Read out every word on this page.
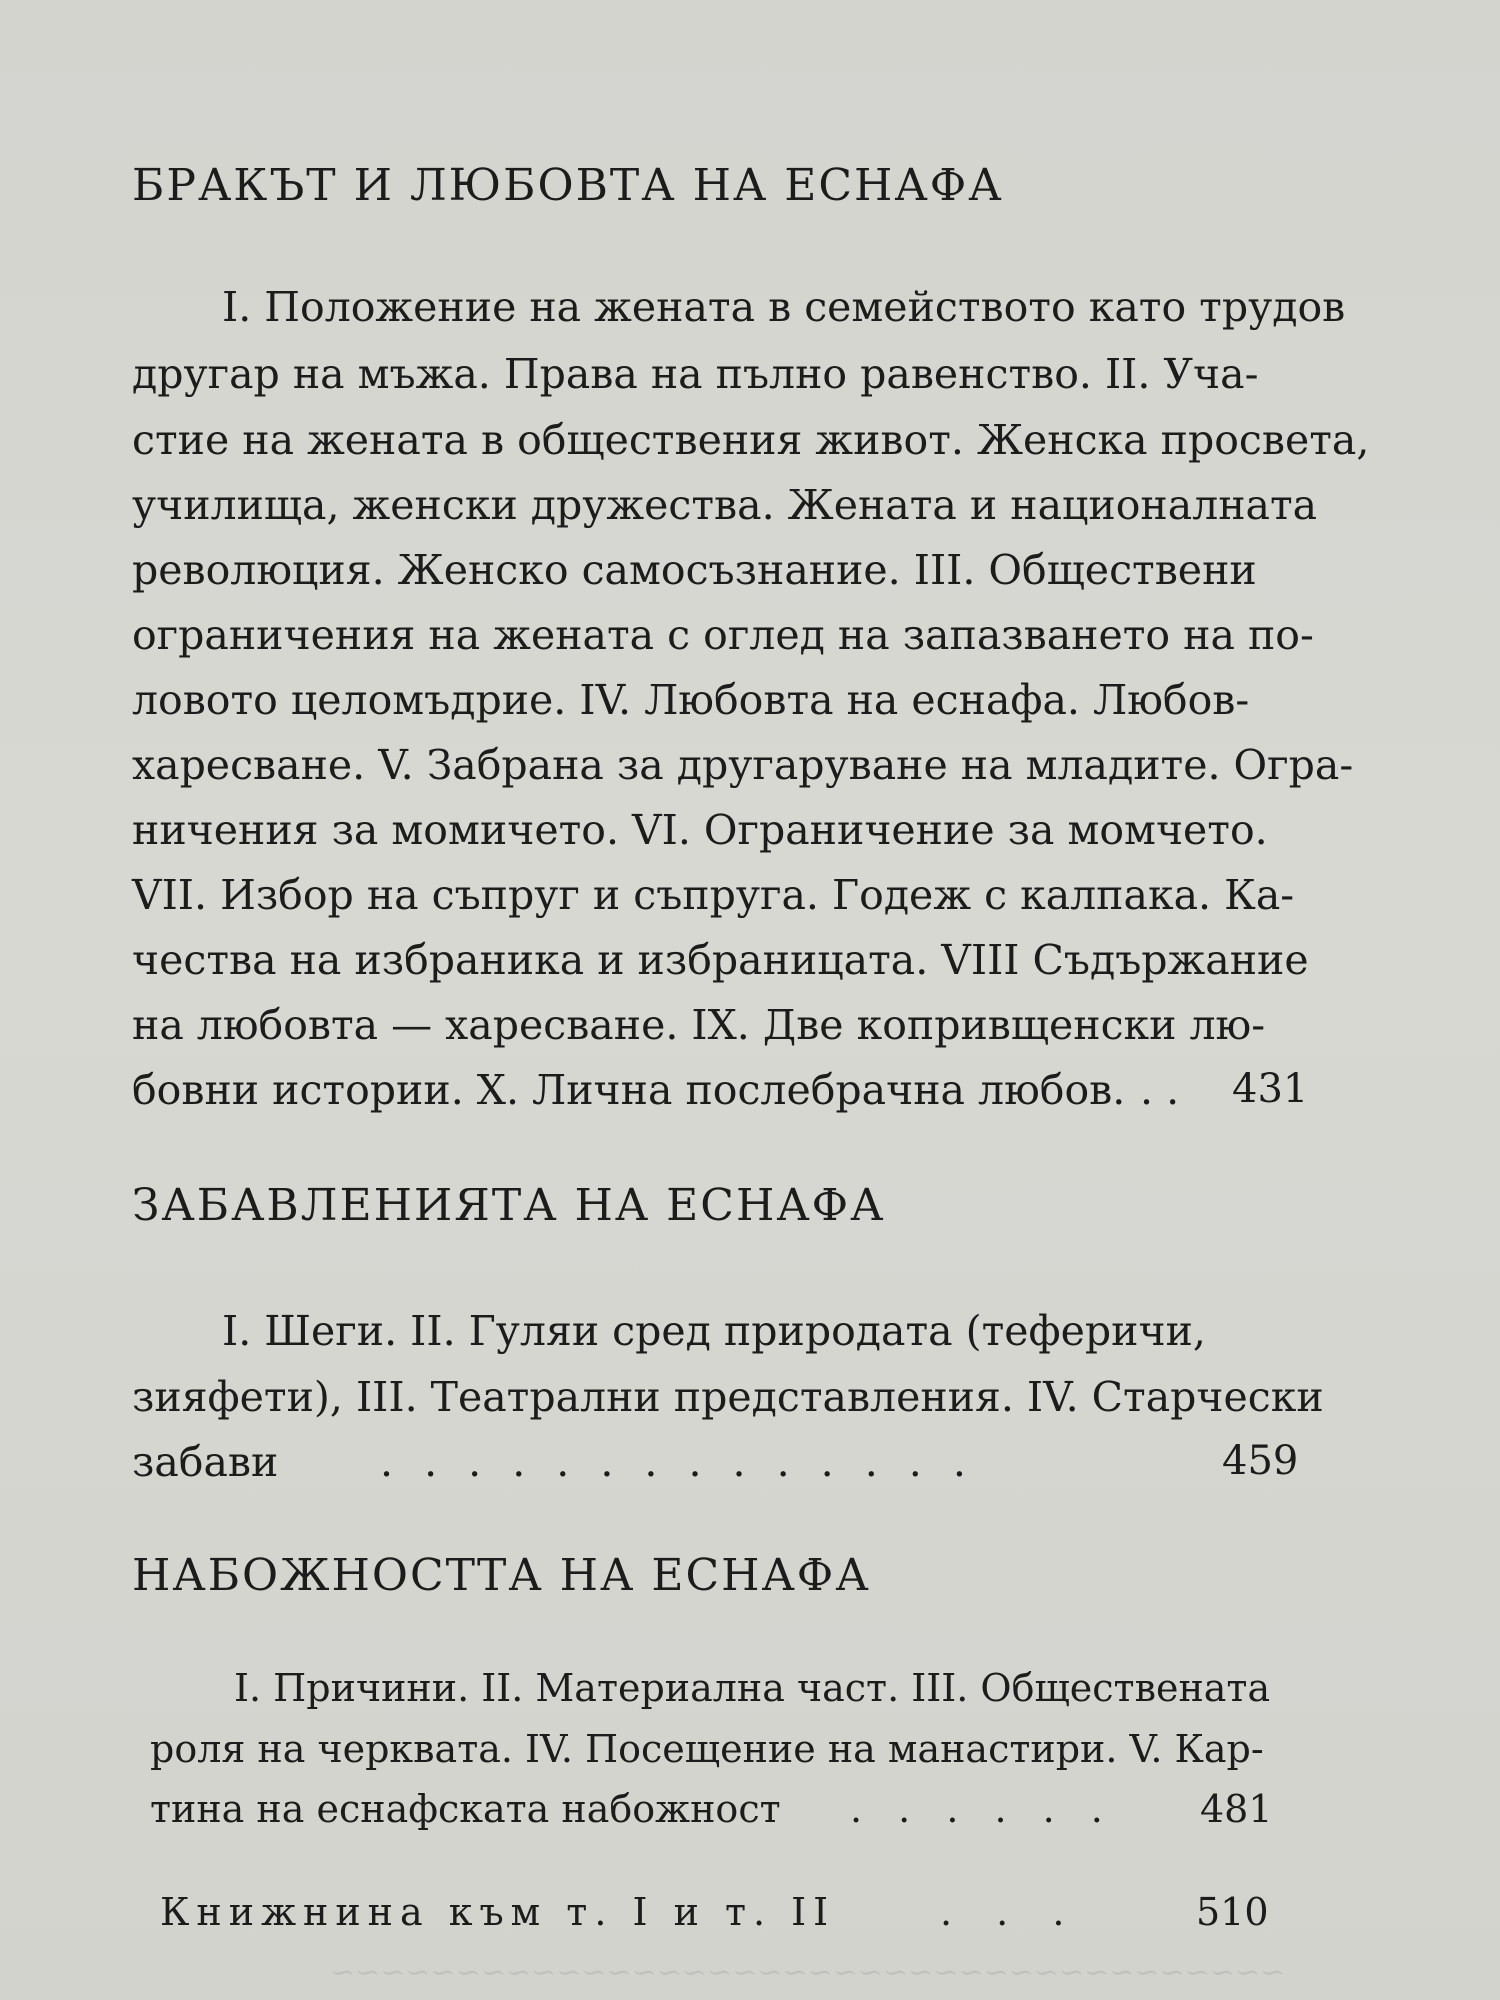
БРАКЪТ И ЛЮБОВТА НА ЕСНАФА
I. Положение на жената в семейството като трудов
другар на мъжа. Права на пълно равенство. II. Уча-
стие на жената в обществения живот. Женска просвета,
училища, женски дружества. Жената и националната
революция. Женско самосъзнание. III. Обществени
ограничения на жената с оглед на запазването на по-
ловото целомъдрие. IV. Любовта на еснафа. Любов-
харесване. V. Забрана за другаруване на младите. Огра-
ничения за момичето. VI. Ограничение за момчето.
VII. Избор на съпруг и съпруга. Годеж с калпака. Ка-
чества на избраника и избраницата. VIII Съдържание
на любовта — харесване. IX. Две копривщенски лю-
бовни истории. X. Лична послебрачна любов. . . 431
ЗАБАВЛЕНИЯТА НА ЕСНАФА
I. Шеги. II. Гуляи сред природата (теферичи,
зияфети), III. Театрални представления. IV. Старчески
забави . . . . . . . . . . . . . .	459
НАБОЖНОСТТА НА ЕСНАФА
I. Причини. II. Материална част. III. Обществената
роля на черквата. IV. Посещение на манастири. V. Кар-
тина на еснафската набожност . . . . . . 481
Книжнина към т. I и т. II	. . .	510
~~~~~~~~~~~~~~~~~~~~~~~~~~~~~~~~~~~~~~
